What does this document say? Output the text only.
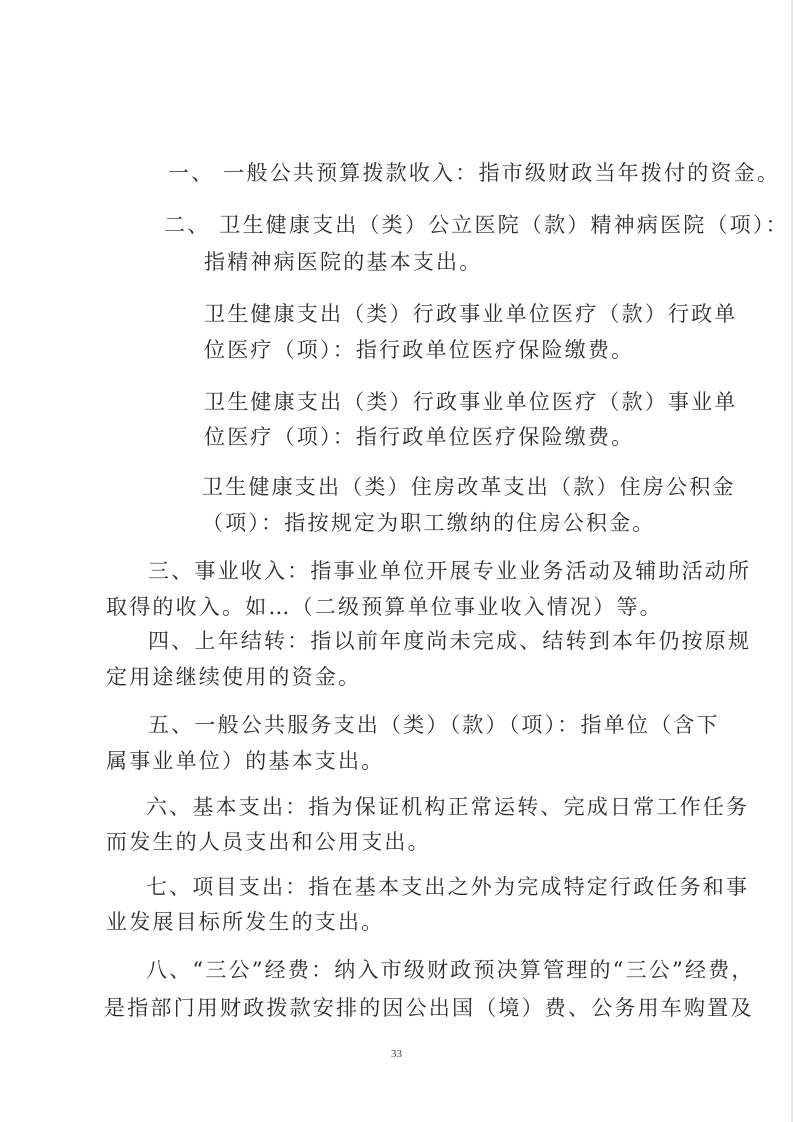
一、 一般公共预算拨款收入：指市级财政当年拨付的资金。
二、 卫生健康支出（类）公立医院（款）精神病医院（项）：
指精神病医院的基本支出。
卫生健康支出（类）行政事业单位医疗（款）行政单
位医疗（项）：指行政单位医疗保险缴费。
卫生健康支出（类）行政事业单位医疗（款）事业单
位医疗（项）：指行政单位医疗保险缴费。
卫生健康支出（类）住房改革支出（款）住房公积金
（项）：指按规定为职工缴纳的住房公积金。
三、事业收入：指事业单位开展专业业务活动及辅助活动所
取得的收入。如…（二级预算单位事业收入情况）等。
四、上年结转：指以前年度尚未完成、结转到本年仍按原规
定用途继续使用的资金。
五、一般公共服务支出（类）（款）（项）：指单位（含下
属事业单位）的基本支出。
六、基本支出：指为保证机构正常运转、完成日常工作任务
而发生的人员支出和公用支出。
七、项目支出：指在基本支出之外为完成特定行政任务和事
业发展目标所发生的支出。
八、“三公”经费：纳入市级财政预决算管理的“三公”经费，
是指部门用财政拨款安排的因公出国（境）费、公务用车购置及
33
